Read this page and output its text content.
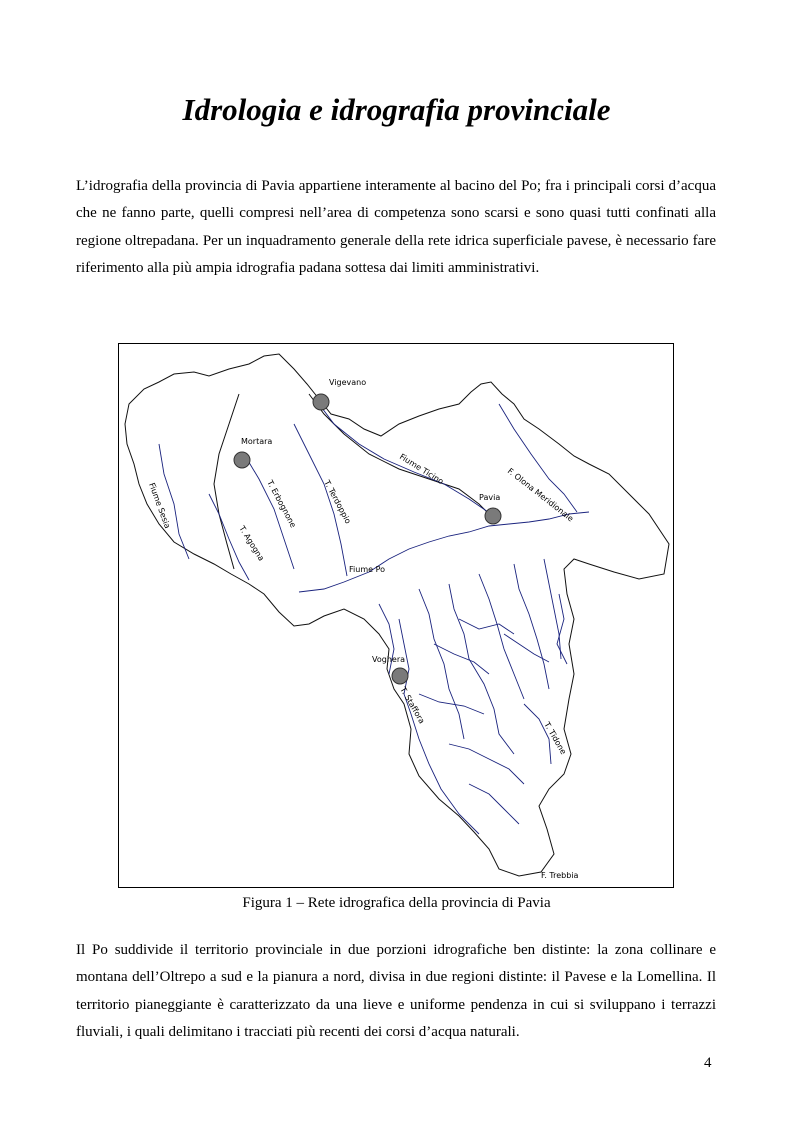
Idrologia e idrografia provinciale

L’idrografia della provincia di Pavia appartiene interamente al bacino del Po; fra i principali corsi d’acqua che ne fanno parte, quelli compresi nell’area di competenza sono scarsi e sono quasi tutti confinati alla regione oltrepadana. Per un inquadramento generale della rete idrica superficiale pavese, è necessario fare riferimento alla più ampia idrografia padana sottesa dai limiti amministrativi.

Vigevano
Mortara
Pavia
Voghera
Fiume Po
Fiume Ticino
Fiume Sesia	T. Erbognone
T. Agogna
T. Terdoppio
T. Staffora
F. Olona Meridionale
F. Trebbia
T. Tidone

Figura 1 – Rete idrografica della provincia di Pavia

Il Po suddivide il territorio provinciale in due porzioni idrografiche ben distinte: la zona collinare e montana dell’Oltrepo a sud e la pianura a nord, divisa in due regioni distinte: il Pavese e la Lomellina. Il territorio pianeggiante è caratterizzato da una lieve e uniforme pendenza in cui si sviluppano i terrazzi fluviali, i quali delimitano i tracciati più recenti dei corsi d’acqua naturali.

4
